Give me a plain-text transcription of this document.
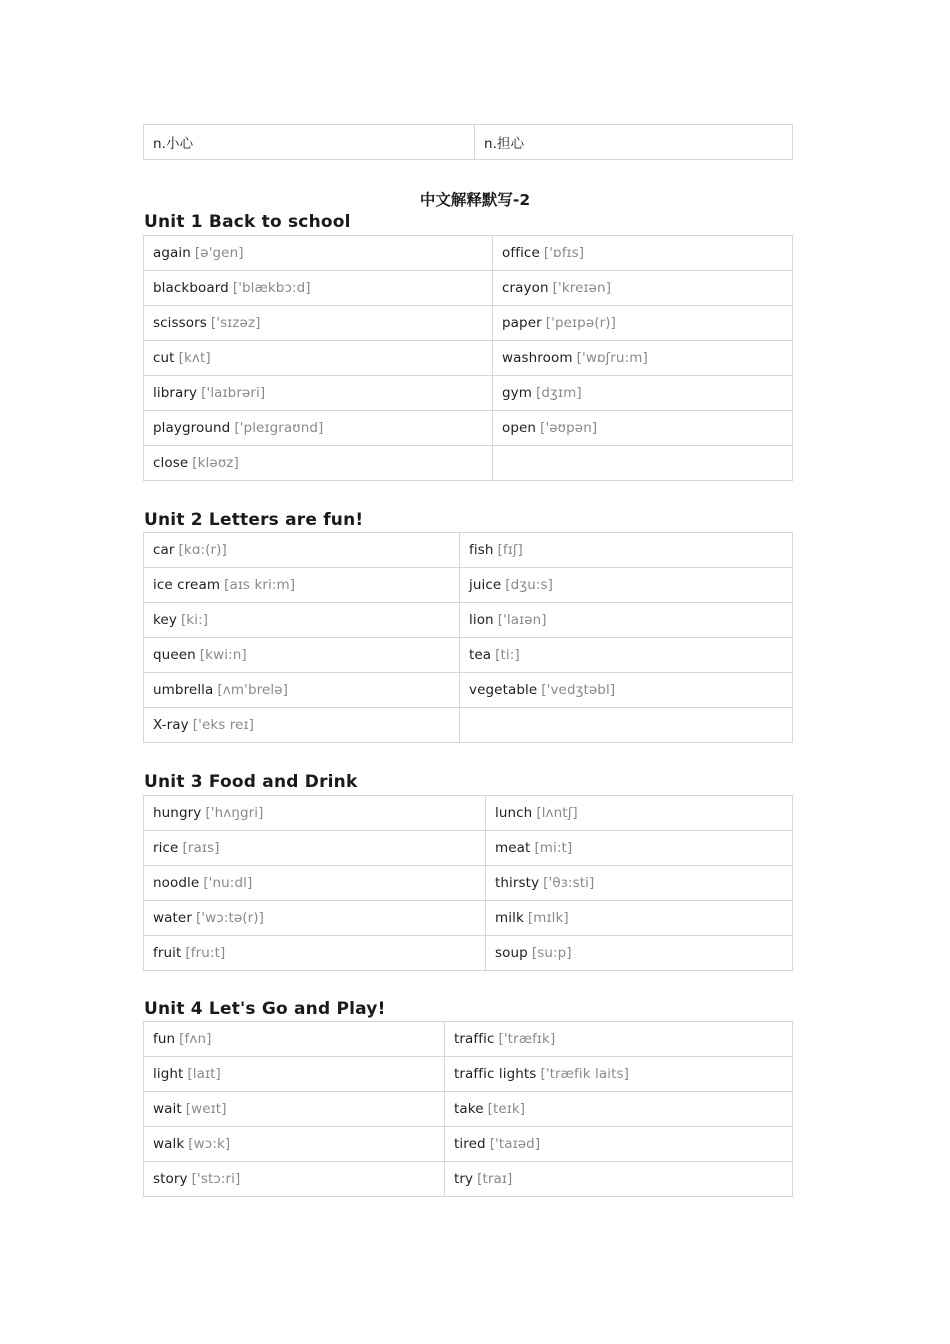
n.小心	n.担心
中文解释默写-2
Unit 1 Back to school
again [ə'gen]	office ['ɒfɪs]
blackboard ['blækbɔ:d]	crayon ['kreɪən]
scissors ['sɪzəz]	paper ['peɪpə(r)]
cut [kʌt]	washroom ['wɒʃru:m]
library ['laɪbrəri]	gym [dʒɪm]
playground ['pleɪgraʊnd]	open ['əʊpən]
close [kləʊz]	
Unit 2 Letters are fun!
car [kɑ:(r)]	fish [fɪʃ]
ice cream [aɪs kri:m]	juice [dʒu:s]
key [ki:]	lion ['laɪən]
queen [kwi:n]	tea [ti:]
umbrella [ʌm'brelə]	vegetable ['vedʒtəbl]
X-ray ['eks reɪ]	
Unit 3 Food and Drink
hungry ['hʌŋgri]	lunch [lʌntʃ]
rice [raɪs]	meat [mi:t]
noodle ['nu:dl]	thirsty ['θɜ:sti]
water ['wɔ:tə(r)]	milk [mɪlk]
fruit [fru:t]	soup [su:p]
Unit 4 Let's Go and Play!
fun [fʌn]	traffic ['træfɪk]
light [laɪt]	traffic lights ['træfik laits]
wait [weɪt]	take [teɪk]
walk [wɔ:k]	tired ['taɪəd]
story ['stɔ:ri]	try [traɪ]
